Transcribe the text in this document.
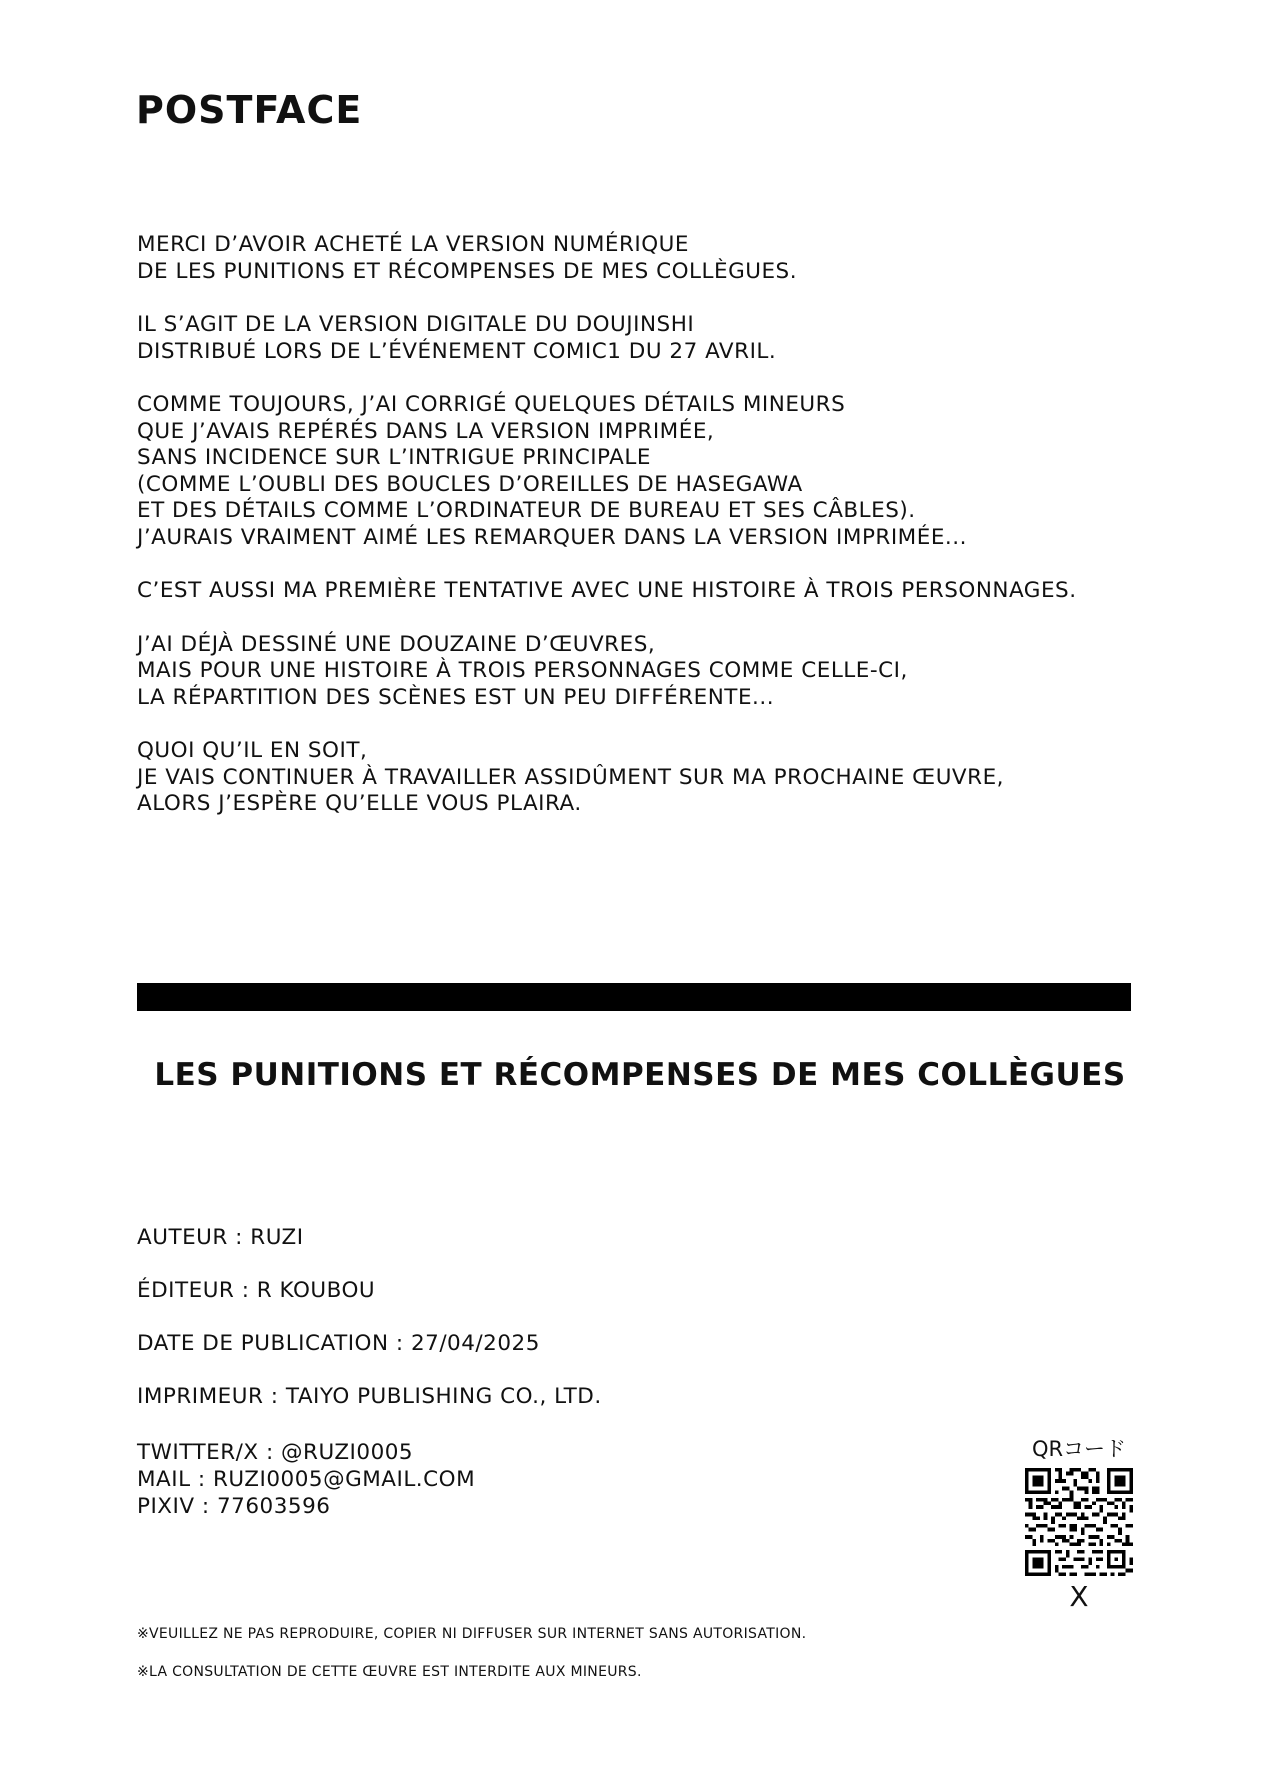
POSTFACE

MERCI D’AVOIR ACHETÉ LA VERSION NUMÉRIQUE
DE LES PUNITIONS ET RÉCOMPENSES DE MES COLLÈGUES.

IL S’AGIT DE LA VERSION DIGITALE DU DOUJINSHI
DISTRIBUÉ LORS DE L’ÉVÉNEMENT COMIC1 DU 27 AVRIL.

COMME TOUJOURS, J’AI CORRIGÉ QUELQUES DÉTAILS MINEURS
QUE J’AVAIS REPÉRÉS DANS LA VERSION IMPRIMÉE,
SANS INCIDENCE SUR L’INTRIGUE PRINCIPALE
(COMME L’OUBLI DES BOUCLES D’OREILLES DE HASEGAWA
ET DES DÉTAILS COMME L’ORDINATEUR DE BUREAU ET SES CÂBLES).
J’AURAIS VRAIMENT AIMÉ LES REMARQUER DANS LA VERSION IMPRIMÉE...

C’EST AUSSI MA PREMIÈRE TENTATIVE AVEC UNE HISTOIRE À TROIS PERSONNAGES.

J’AI DÉJÀ DESSINÉ UNE DOUZAINE D’ŒUVRES,
MAIS POUR UNE HISTOIRE À TROIS PERSONNAGES COMME CELLE-CI,
LA RÉPARTITION DES SCÈNES EST UN PEU DIFFÉRENTE...

QUOI QU’IL EN SOIT,
JE VAIS CONTINUER À TRAVAILLER ASSIDÛMENT SUR MA PROCHAINE ŒUVRE,
ALORS J’ESPÈRE QU’ELLE VOUS PLAIRA.

LES PUNITIONS ET RÉCOMPENSES DE MES COLLÈGUES
AUTEUR : RUZI
ÉDITEUR : R KOUBOU
DATE DE PUBLICATION : 27/04/2025
IMPRIMEUR : TAIYO PUBLISHING CO., LTD.
TWITTER/X : @RUZI0005
MAIL : RUZI0005@GMAIL.COM
PIXIV : 77603596
QRコード
X
※VEUILLEZ NE PAS REPRODUIRE, COPIER NI DIFFUSER SUR INTERNET SANS AUTORISATION.
※LA CONSULTATION DE CETTE ŒUVRE EST INTERDITE AUX MINEURS.
